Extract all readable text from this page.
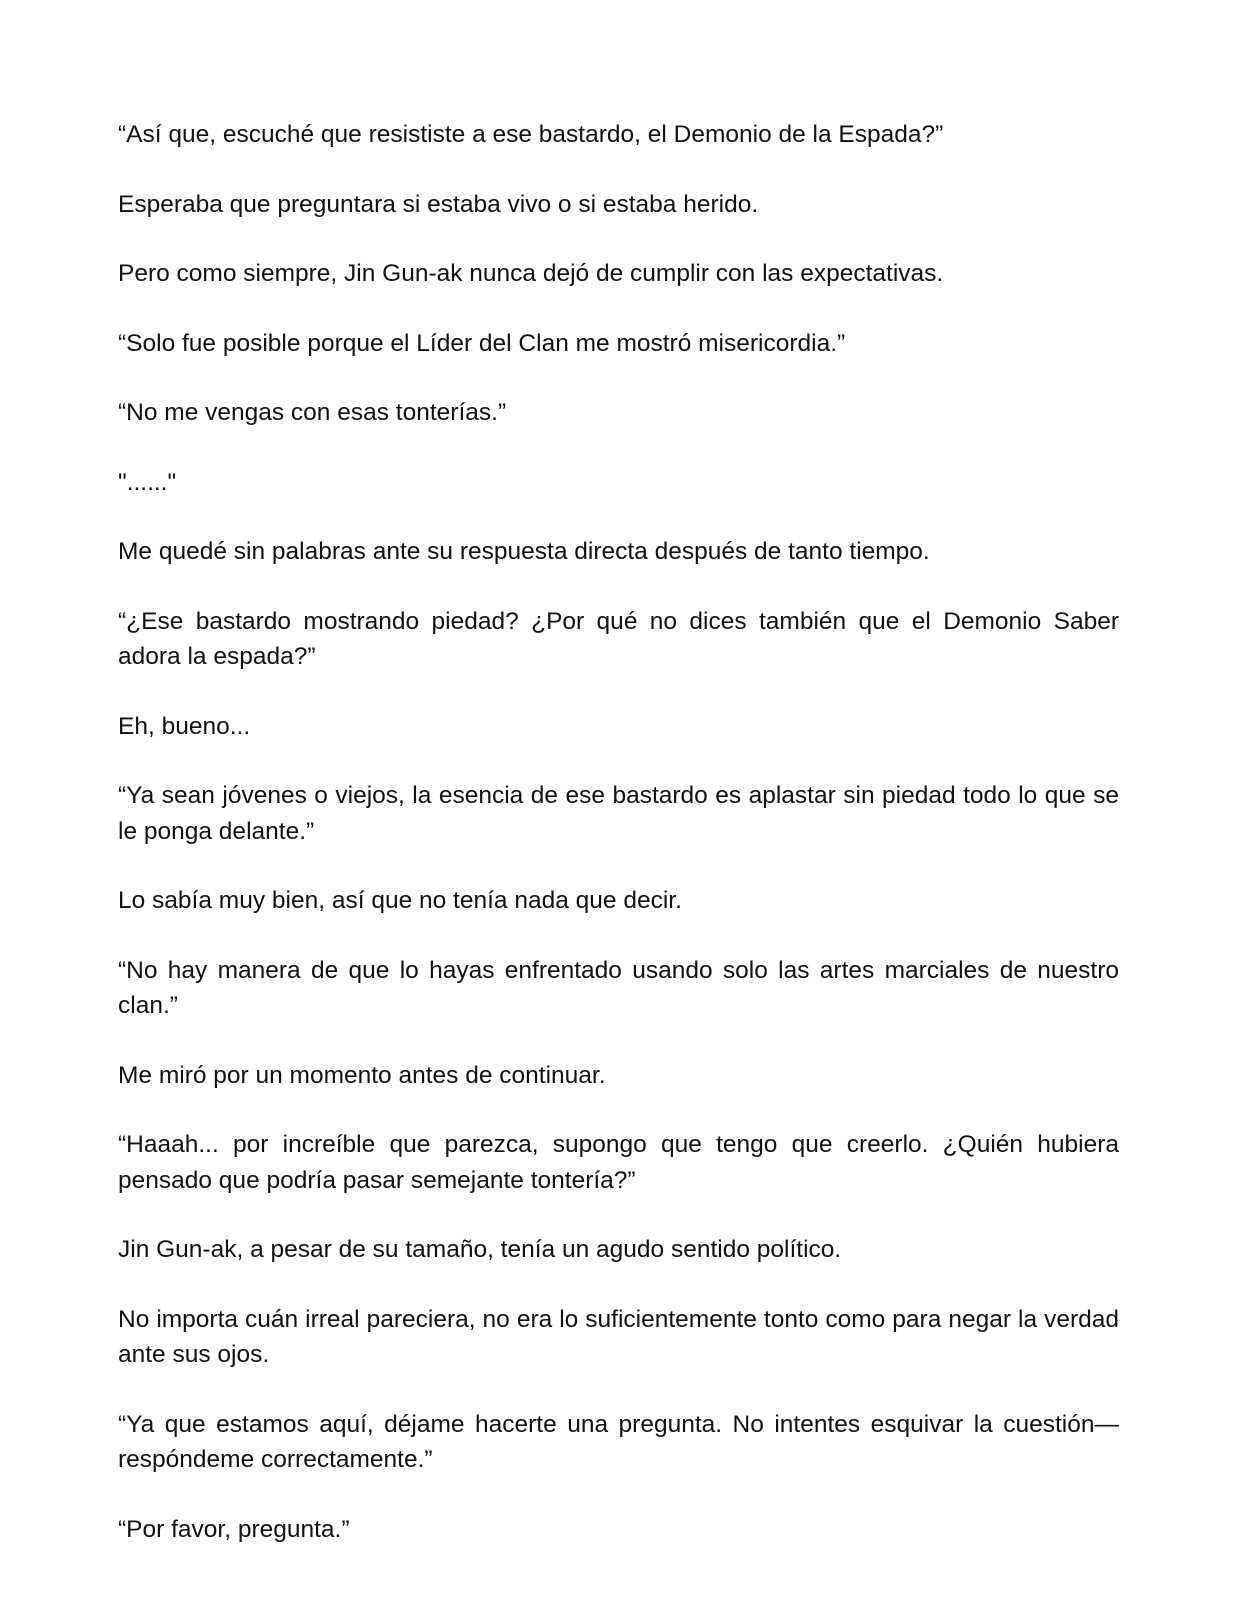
“Así que, escuché que resististe a ese bastardo, el Demonio de la Espada?”

Esperaba que preguntara si estaba vivo o si estaba herido.

Pero como siempre, Jin Gun-ak nunca dejó de cumplir con las expectativas.

“Solo fue posible porque el Líder del Clan me mostró misericordia.”

“No me vengas con esas tonterías.”

"......"

Me quedé sin palabras ante su respuesta directa después de tanto tiempo.

“¿Ese bastardo mostrando piedad? ¿Por qué no dices también que el Demonio Saber adora la espada?”

Eh, bueno...

“Ya sean jóvenes o viejos, la esencia de ese bastardo es aplastar sin piedad todo lo que se le ponga delante.”

Lo sabía muy bien, así que no tenía nada que decir.

“No hay manera de que lo hayas enfrentado usando solo las artes marciales de nuestro clan.”

Me miró por un momento antes de continuar.

“Haaah... por increíble que parezca, supongo que tengo que creerlo. ¿Quién hubiera pensado que podría pasar semejante tontería?”

Jin Gun-ak, a pesar de su tamaño, tenía un agudo sentido político.

No importa cuán irreal pareciera, no era lo suficientemente tonto como para negar la verdad ante sus ojos.

“Ya que estamos aquí, déjame hacerte una pregunta. No intentes esquivar la cuestión—respóndeme correctamente.”

“Por favor, pregunta.”
